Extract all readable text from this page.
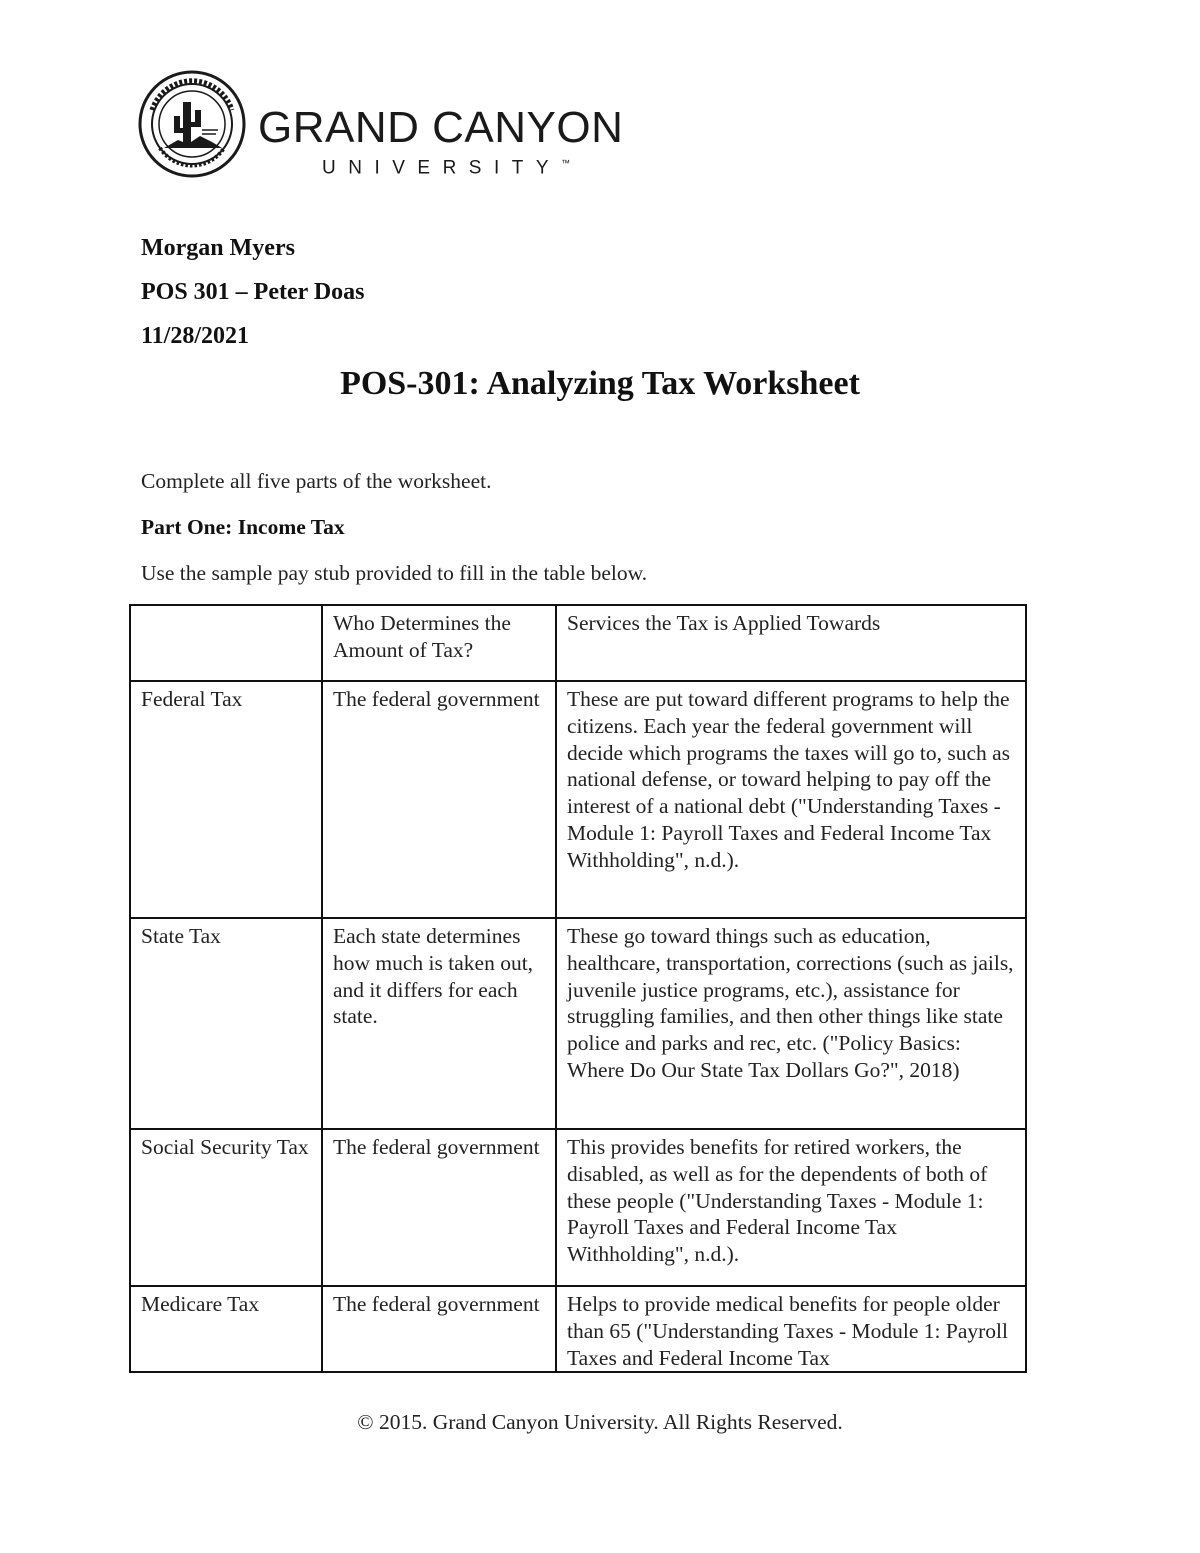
GRAND CANYON
UNIVERSITY™
Morgan Myers
POS 301 – Peter Doas
11/28/2021
POS-301: Analyzing Tax Worksheet
Complete all five parts of the worksheet.
Part One: Income Tax
Use the sample pay stub provided to fill in the table below.
	Who Determines the Amount of Tax?	Services the Tax is Applied Towards
Federal Tax	The federal government	These are put toward different programs to help the citizens. Each year the federal government will decide which programs the taxes will go to, such as national defense, or toward helping to pay off the interest of a national debt ("Understanding Taxes - Module 1: Payroll Taxes and Federal Income Tax Withholding", n.d.).
State Tax	Each state determines how much is taken out, and it differs for each state.	These go toward things such as education, healthcare, transportation, corrections (such as jails, juvenile justice programs, etc.), assistance for struggling families, and then other things like state police and parks and rec, etc. ("Policy Basics: Where Do Our State Tax Dollars Go?", 2018)
Social Security Tax	The federal government	This provides benefits for retired workers, the disabled, as well as for the dependents of both of these people ("Understanding Taxes - Module 1: Payroll Taxes and Federal Income Tax Withholding", n.d.).
Medicare Tax	The federal government	Helps to provide medical benefits for people older than 65 ("Understanding Taxes - Module 1: Payroll Taxes and Federal Income Tax
© 2015. Grand Canyon University. All Rights Reserved.
